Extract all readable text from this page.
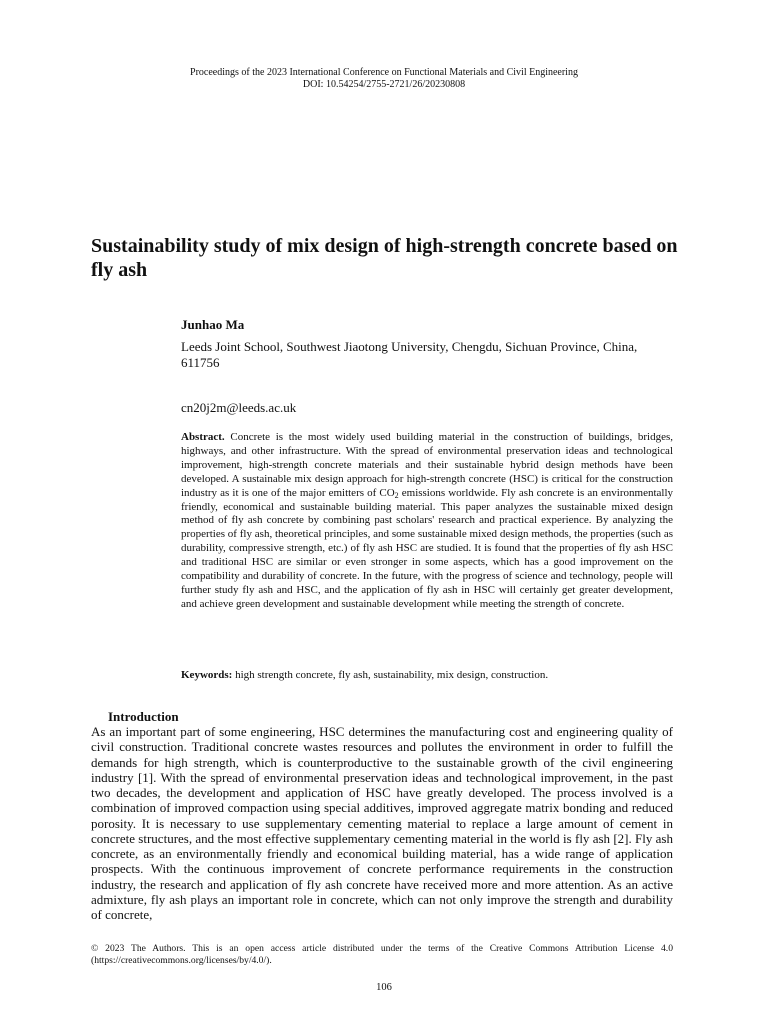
Proceedings of the 2023 International Conference on Functional Materials and Civil Engineering
DOI: 10.54254/2755-2721/26/20230808
Sustainability study of mix design of high-strength concrete based on fly ash
Junhao Ma
Leeds Joint School, Southwest Jiaotong University, Chengdu, Sichuan Province, China, 611756
cn20j2m@leeds.ac.uk

Abstract. Concrete is the most widely used building material in the construction of buildings, bridges, highways, and other infrastructure. With the spread of environmental preservation ideas and technological improvement, high-strength concrete materials and their sustainable hybrid design methods have been developed. A sustainable mix design approach for high-strength concrete (HSC) is critical for the construction industry as it is one of the major emitters of $CO_2$ emissions worldwide. Fly ash concrete is an environmentally friendly, economical and sustainable building material. This paper analyzes the sustainable mixed design method of fly ash concrete by combining past scholars' research and practical experience. By analyzing the properties of fly ash, theoretical principles, and some sustainable mixed design methods, the properties (such as durability, compressive strength, etc.) of fly ash HSC are studied. It is found that the properties of fly ash HSC and traditional HSC are similar or even stronger in some aspects, which has a good improvement on the compatibility and durability of concrete. In the future, with the progress of science and technology, people will further study fly ash and HSC, and the application of fly ash in HSC will certainly get greater development, and achieve green development and sustainable development while meeting the strength of concrete.

Keywords: high strength concrete, fly ash, sustainability, mix design, construction.

Introduction

As an important part of some engineering, HSC determines the manufacturing cost and engineering quality of civil construction. Traditional concrete wastes resources and pollutes the environment in order to fulfill the demands for high strength, which is counterproductive to the sustainable growth of the civil engineering industry [1]. With the spread of environmental preservation ideas and technological improvement, in the past two decades, the development and application of HSC have greatly developed. The process involved is a combination of improved compaction using special additives, improved aggregate matrix bonding and reduced porosity. It is necessary to use supplementary cementing material to replace a large amount of cement in concrete structures, and the most effective supplementary cementing material in the world is fly ash [2]. Fly ash concrete, as an environmentally friendly and economical building material, has a wide range of application prospects. With the continuous improvement of concrete performance requirements in the construction industry, the research and application of fly ash concrete have received more and more attention. As an active admixture, fly ash plays an important role in concrete, which can not only improve the strength and durability of concrete,

© 2023 The Authors. This is an open access article distributed under the terms of the Creative Commons Attribution License 4.0 (https://creativecommons.org/licenses/by/4.0/).

106
